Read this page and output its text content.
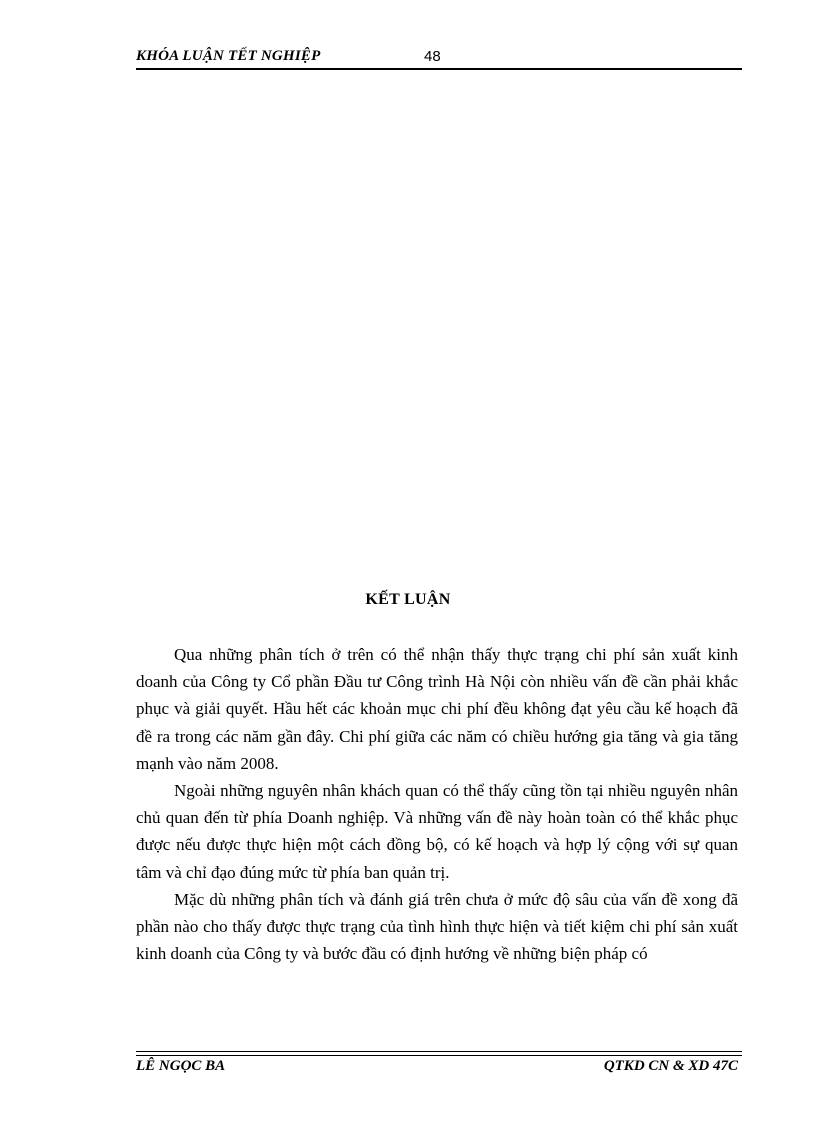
KHÓA LUẬN TẾT NGHIỆP	48
KẾT LUẬN

Qua những phân tích ở trên có thể nhận thấy thực trạng chi phí sản xuất kinh doanh của Công ty Cổ phần Đầu tư Công trình Hà Nội còn nhiều vấn đề cần phải khắc phục và giải quyết. Hầu hết các khoản mục chi phí đều không đạt yêu cầu kế hoạch đã đề ra trong các năm gần đây. Chi phí giữa các năm có chiều hướng gia tăng và gia tăng mạnh vào năm 2008.

Ngoài những nguyên nhân khách quan có thể thấy cũng tồn tại nhiều nguyên nhân chủ quan đến từ phía Doanh nghiệp. Và những vấn đề này hoàn toàn có thể khắc phục được nếu được thực hiện một cách đồng bộ, có kế hoạch và hợp lý cộng với sự quan tâm và chỉ đạo đúng mức từ phía ban quản trị.

Mặc dù những phân tích và đánh giá trên chưa ở mức độ sâu của vấn đề xong đã phần nào cho thấy được thực trạng của tình hình thực hiện và tiết kiệm chi phí sản xuất kinh doanh của Công ty và bước đầu có định hướng về những biện pháp có

LÊ NGỌC BA	QTKD CN & XD 47C
